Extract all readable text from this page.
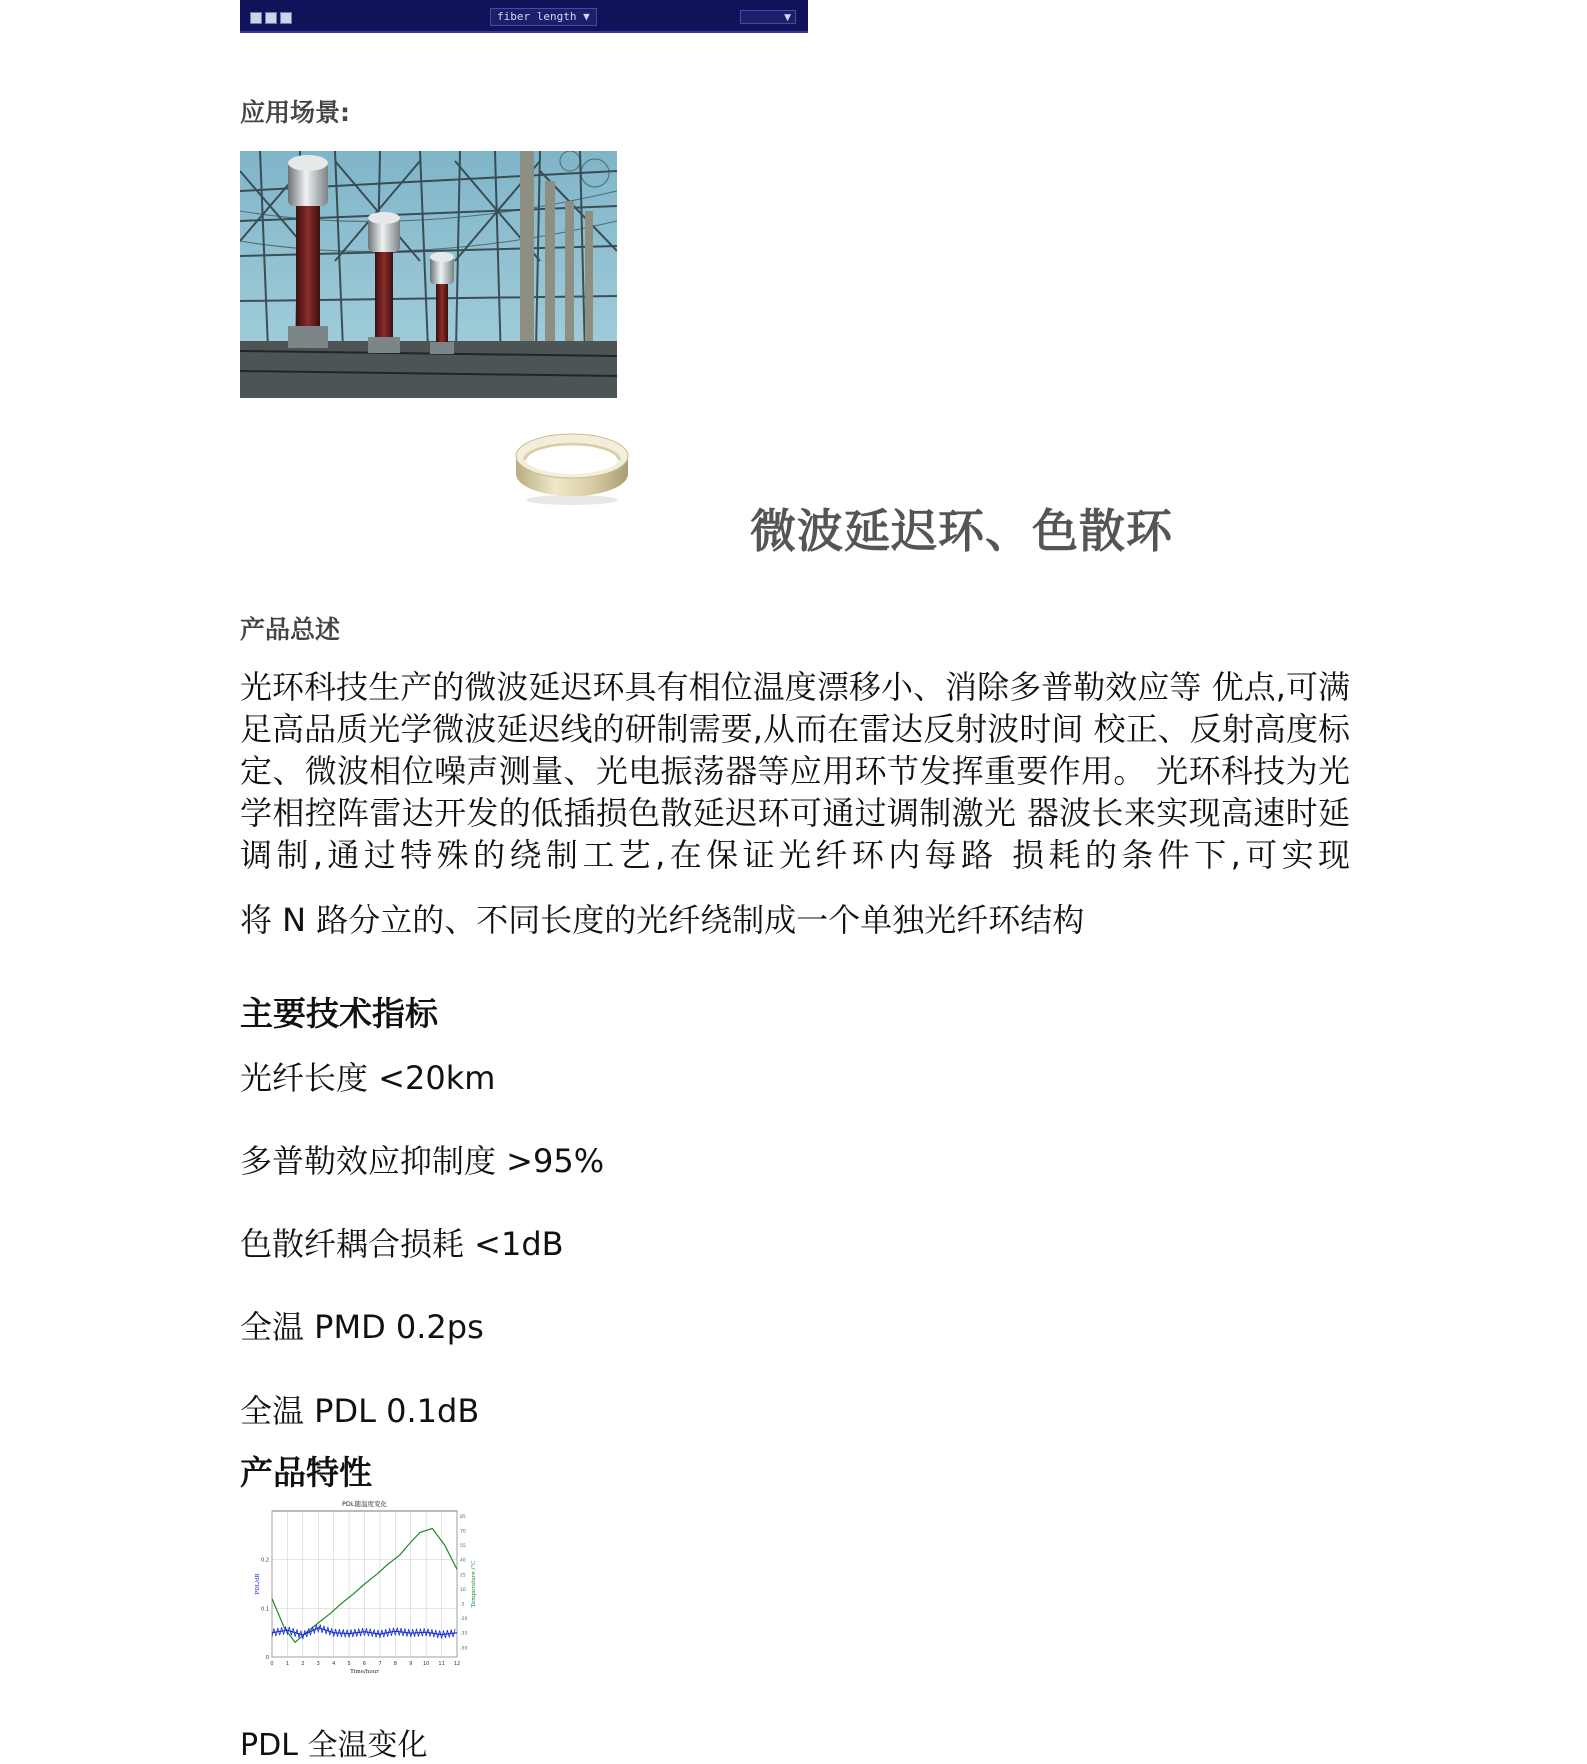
fiber length ▼	▼
应用场景:
微波延迟环、色散环
产品总述
光环科技生产的微波延迟环具有相位温度漂移小、消除多普勒效应等 优点,可满足高品质光学微波延迟线的研制需要,从而在雷达反射波时间 校正、反射高度标定、微波相位噪声测量、光电振荡器等应用环节发挥重要作用。 光环科技为光学相控阵雷达开发的低插损色散延迟环可通过调制激光 器波长来实现高速时延调制,通过特殊的绕制工艺,在保证光纤环内每路 损耗的条件下,可实现
将 N 路分立的、不同长度的光纤绕制成一个单独光纤环结构
主要技术指标
光纤长度 <20km
多普勒效应抑制度 >95%
色散纤耦合损耗 <1dB
全温 PMD 0.2ps
全温 PDL 0.1dB
产品特性
0 1 2 3 4 5 6 7 8 9 10 11 12
0
0.1
0.2
-50
-35
-20
-5
10
25
40
55
70
85
PDL随温度变化
Time/hour
PDL/dB	Temperature /°C
PDL 全温变化
